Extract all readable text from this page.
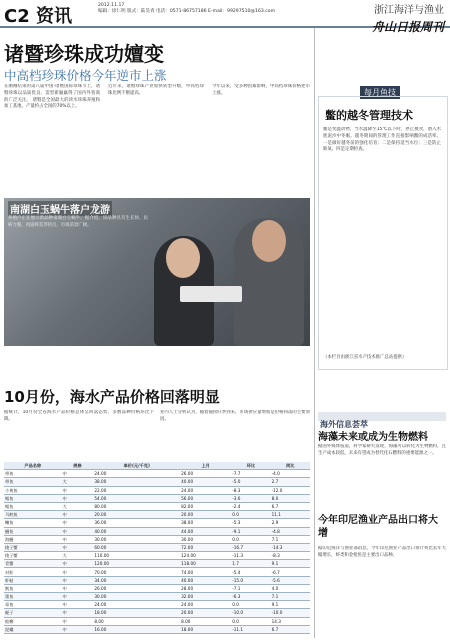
C2 资讯
2012.11.17
编辑：徐仁明 版式：陆昊青 电话：0571-86757186 E-mail：99297510@163.com	浙江海洋与渔业
舟山日报周刊
诸暨珍珠成功嬗变
中高档珍珠价格今年逆市上涨
在刚刚结束的第八届中国·诸暨国际珍珠节上，诸暨珍珠以品质优良、造型新颖赢得了国内外客商的广泛关注。 诸暨是全国最大的淡水珍珠养殖和加工基地，产量约占全国的70%以上。
近年来，诸暨珍珠产业加快转型升级，中高档珍珠比例不断提高。
今年以来，受多种因素影响，中高档珍珠价格逆市上涨。
南湖白玉蜗牛落户龙游
养殖户正在展示新品种南湖白玉蜗牛。据介绍，该品种具有生长快、抗病力强、肉质鲜美等特点，市场前景广阔。
10月份，海水产品价格回落明显
据统计，10月份全省海水产品价格总体呈回落态势，多数品种价格环比下降。
业内人士分析认为，随着捕捞旺季到来，市场供应量增加是价格回落的主要原因。
产品名称	规格	单价(元/千克)	上月	环比	同比
带鱼	中	24.00	26.00	-7.7	-4.0
带鱼	大	38.00	40.00	-5.0	2.7
小黄鱼	中	22.00	24.00	-8.3	-12.0
鲳鱼	中	54.00	56.00	-3.6	8.0
鲳鱼	大	80.00	82.00	-2.4	6.7
马鲛鱼	中	20.00	20.00	0.0	11.1
鳓鱼	中	36.00	38.00	-5.3	2.9
鳗鱼	中	40.00	44.00	-9.1	-4.8
海鳗	中	30.00	30.00	0.0	7.1
梭子蟹	中	60.00	72.00	-16.7	-14.3
梭子蟹	大	110.00	124.00	-11.3	-8.3
青蟹	中	120.00	118.00	1.7	9.1
对虾	中	70.00	74.00	-5.4	-6.7
虾蛄	中	34.00	40.00	-15.0	-5.6
鱿鱼	中	26.00	28.00	-7.1	4.0
墨鱼	中	30.00	32.00	-6.3	7.1
章鱼	中	24.00	24.00	0.0	9.1
蛏子	中	18.00	20.00	-10.0	-10.0
蛤蜊	中	8.00	8.00	0.0	14.3
泥螺	中	16.00	18.00	-11.1	6.7
每月鱼技
鳖的越冬管理技术
鳖是变温动物，当水温降至15℃以下时，停止摄食，潜入水底泥沙中冬眠。越冬期间的管理工作直接影响鳖的成活率。一是做好越冬前的强化培育；二是保持适当水位；三是防止缺氧；四是定期检查。
（本栏目由浙江省水产技术推广总站提供）
海外信息荟萃
海藻未来或成为生物燃料
据国外媒体报道，科学家研究发现，海藻可以转化为生物燃料，且生产成本较低，未来有望成为替代化石燃料的重要能源之一。
今年印尼渔业产品出口将大增
据印尼海洋与渔业部消息，今年印尼渔业产品出口预计将比去年大幅增长，虾类和金枪鱼是主要出口品种。
